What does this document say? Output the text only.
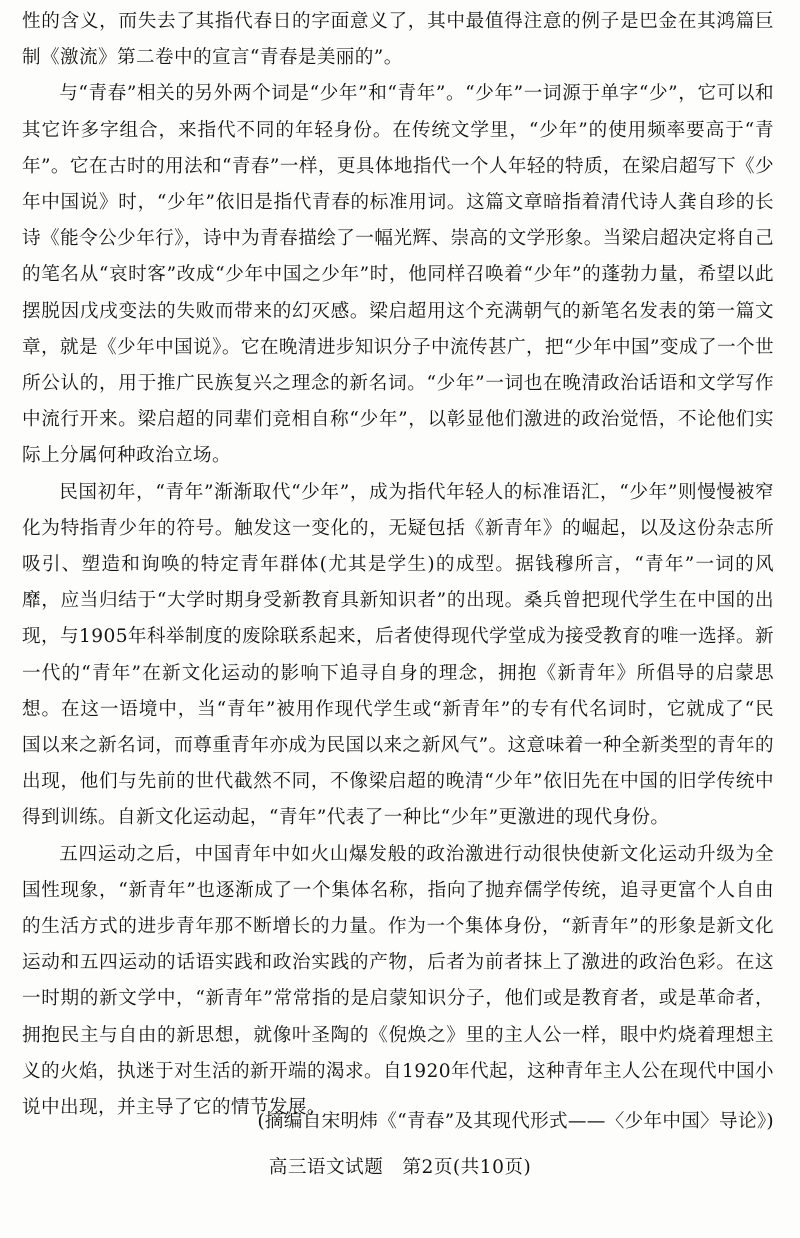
性的含义，而失去了其指代春日的字面意义了，其中最值得注意的例子是巴金在其鸿篇巨制《激流》第二卷中的宣言“青春是美丽的”。

与“青春”相关的另外两个词是“少年”和“青年”。“少年”一词源于单字“少”，它可以和其它许多字组合，来指代不同的年轻身份。在传统文学里，“少年”的使用频率要高于“青年”。它在古时的用法和“青春”一样，更具体地指代一个人年轻的特质，在梁启超写下《少年中国说》时，“少年”依旧是指代青春的标准用词。这篇文章暗指着清代诗人龚自珍的长诗《能令公少年行》，诗中为青春描绘了一幅光辉、崇高的文学形象。当梁启超决定将自己的笔名从“哀时客”改成“少年中国之少年”时，他同样召唤着“少年”的蓬勃力量，希望以此摆脱因戊戌变法的失败而带来的幻灭感。梁启超用这个充满朝气的新笔名发表的第一篇文章，就是《少年中国说》。它在晚清进步知识分子中流传甚广，把“少年中国”变成了一个世所公认的，用于推广民族复兴之理念的新名词。“少年”一词也在晚清政治话语和文学写作中流行开来。梁启超的同辈们竞相自称“少年”，以彰显他们激进的政治觉悟，不论他们实际上分属何种政治立场。

民国初年，“青年”渐渐取代“少年”，成为指代年轻人的标准语汇，“少年”则慢慢被窄化为特指青少年的符号。触发这一变化的，无疑包括《新青年》的崛起，以及这份杂志所吸引、塑造和询唤的特定青年群体(尤其是学生)的成型。据钱穆所言，“青年”一词的风靡，应当归结于“大学时期身受新教育具新知识者”的出现。桑兵曾把现代学生在中国的出现，与1905年科举制度的废除联系起来，后者使得现代学堂成为接受教育的唯一选择。新一代的“青年”在新文化运动的影响下追寻自身的理念，拥抱《新青年》所倡导的启蒙思想。在这一语境中，当“青年”被用作现代学生或“新青年”的专有代名词时，它就成了“民国以来之新名词，而尊重青年亦成为民国以来之新风气”。这意味着一种全新类型的青年的出现，他们与先前的世代截然不同，不像梁启超的晚清“少年”依旧先在中国的旧学传统中得到训练。自新文化运动起，“青年”代表了一种比“少年”更激进的现代身份。

五四运动之后，中国青年中如火山爆发般的政治激进行动很快使新文化运动升级为全国性现象，“新青年”也逐渐成了一个集体名称，指向了抛弃儒学传统，追寻更富个人自由的生活方式的进步青年那不断增长的力量。作为一个集体身份，“新青年”的形象是新文化运动和五四运动的话语实践和政治实践的产物，后者为前者抹上了激进的政治色彩。在这一时期的新文学中，“新青年”常常指的是启蒙知识分子，他们或是教育者，或是革命者，拥抱民主与自由的新思想，就像叶圣陶的《倪焕之》里的主人公一样，眼中灼烧着理想主义的火焰，执迷于对生活的新开端的渴求。自1920年代起，这种青年主人公在现代中国小说中出现，并主导了它的情节发展。

(摘编自宋明炜《“青春”及其现代形式——〈少年中国〉导论》)
高三语文试题　第2页(共10页)
